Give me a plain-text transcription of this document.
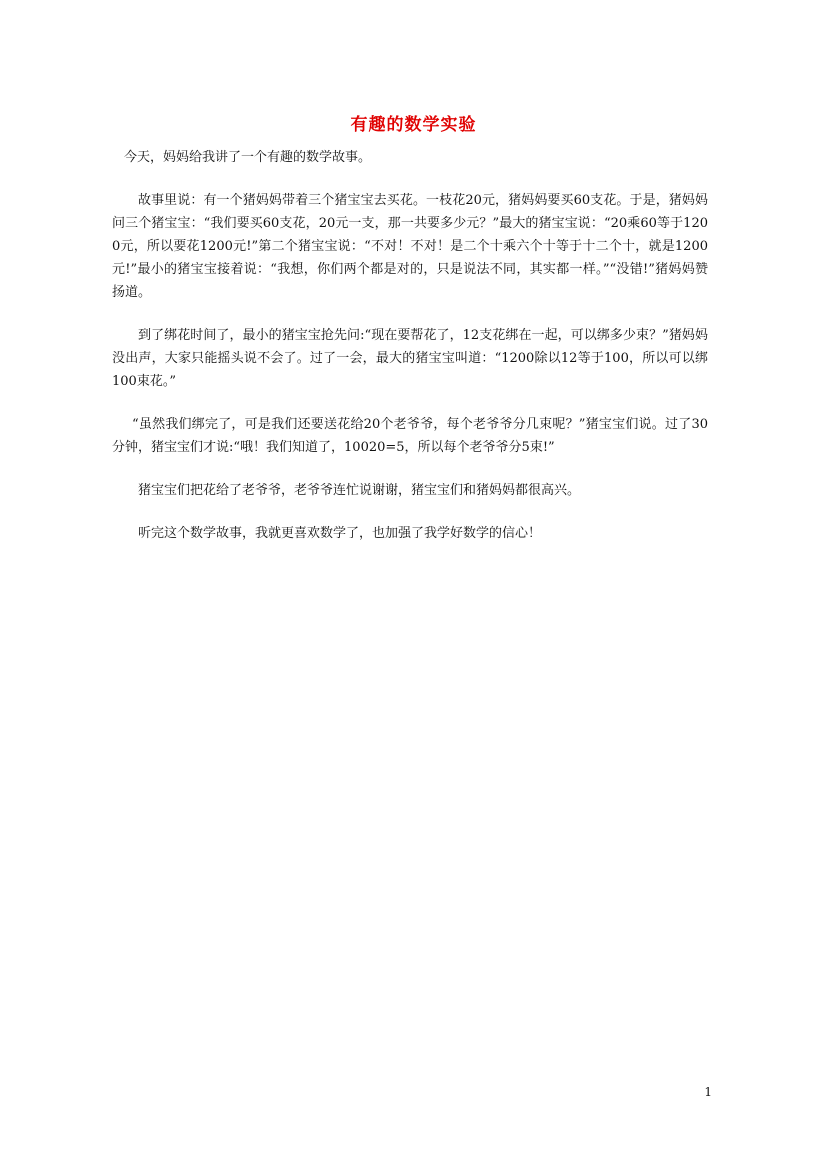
有趣的数学实验

今天，妈妈给我讲了一个有趣的数学故事。

故事里说：有一个猪妈妈带着三个猪宝宝去买花。一枝花20元，猪妈妈要买60支花。于是，猪妈妈问三个猪宝宝：“我们要买60支花，20元一支，那一共要多少元？”最大的猪宝宝说：“20乘60等于1200元，所以要花1200元!”第二个猪宝宝说：“不对！不对！是二个十乘六个十等于十二个十，就是1200元!”最小的猪宝宝接着说：“我想，你们两个都是对的，只是说法不同，其实都一样。”“没错!”猪妈妈赞扬道。

到了绑花时间了，最小的猪宝宝抢先问:“现在要帮花了，12支花绑在一起，可以绑多少束？”猪妈妈没出声，大家只能摇头说不会了。过了一会，最大的猪宝宝叫道：“1200除以12等于100，所以可以绑100束花。”

“虽然我们绑完了，可是我们还要送花给20个老爷爷，每个老爷爷分几束呢？”猪宝宝们说。过了30分钟，猪宝宝们才说:“哦！我们知道了，10020=5，所以每个老爷爷分5束!”

猪宝宝们把花给了老爷爷，老爷爷连忙说谢谢，猪宝宝们和猪妈妈都很高兴。

听完这个数学故事，我就更喜欢数学了，也加强了我学好数学的信心！

1
